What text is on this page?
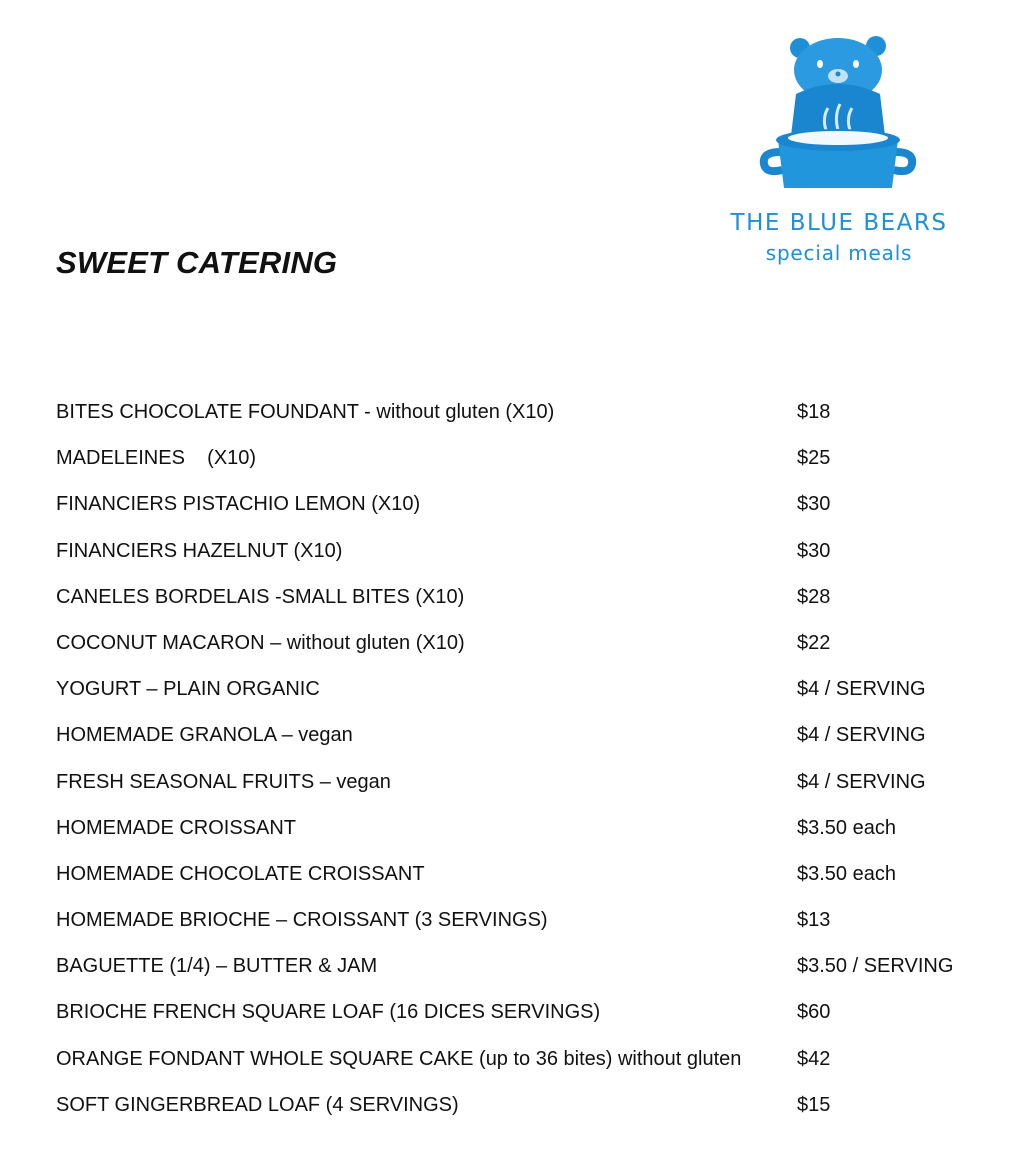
SWEET CATERING
THE BLUE BEARS
special meals
BITES CHOCOLATE FOUNDANT - without gluten (X10)	$18
MADELEINES    (X10)	$25
FINANCIERS PISTACHIO LEMON (X10)	$30
FINANCIERS HAZELNUT (X10)	$30
CANELES BORDELAIS -SMALL BITES (X10)	$28
COCONUT MACARON – without gluten (X10)	$22
YOGURT – PLAIN ORGANIC	$4 / SERVING
HOMEMADE GRANOLA – vegan	$4 / SERVING
FRESH SEASONAL FRUITS – vegan	$4 / SERVING
HOMEMADE CROISSANT	$3.50 each
HOMEMADE CHOCOLATE CROISSANT	$3.50 each
HOMEMADE BRIOCHE – CROISSANT (3 SERVINGS)	$13
BAGUETTE (1/4) – BUTTER & JAM	$3.50 / SERVING
BRIOCHE FRENCH SQUARE LOAF (16 DICES SERVINGS)	$60
ORANGE FONDANT WHOLE SQUARE CAKE (up to 36 bites) without gluten	$42
SOFT GINGERBREAD LOAF (4 SERVINGS)	$15
